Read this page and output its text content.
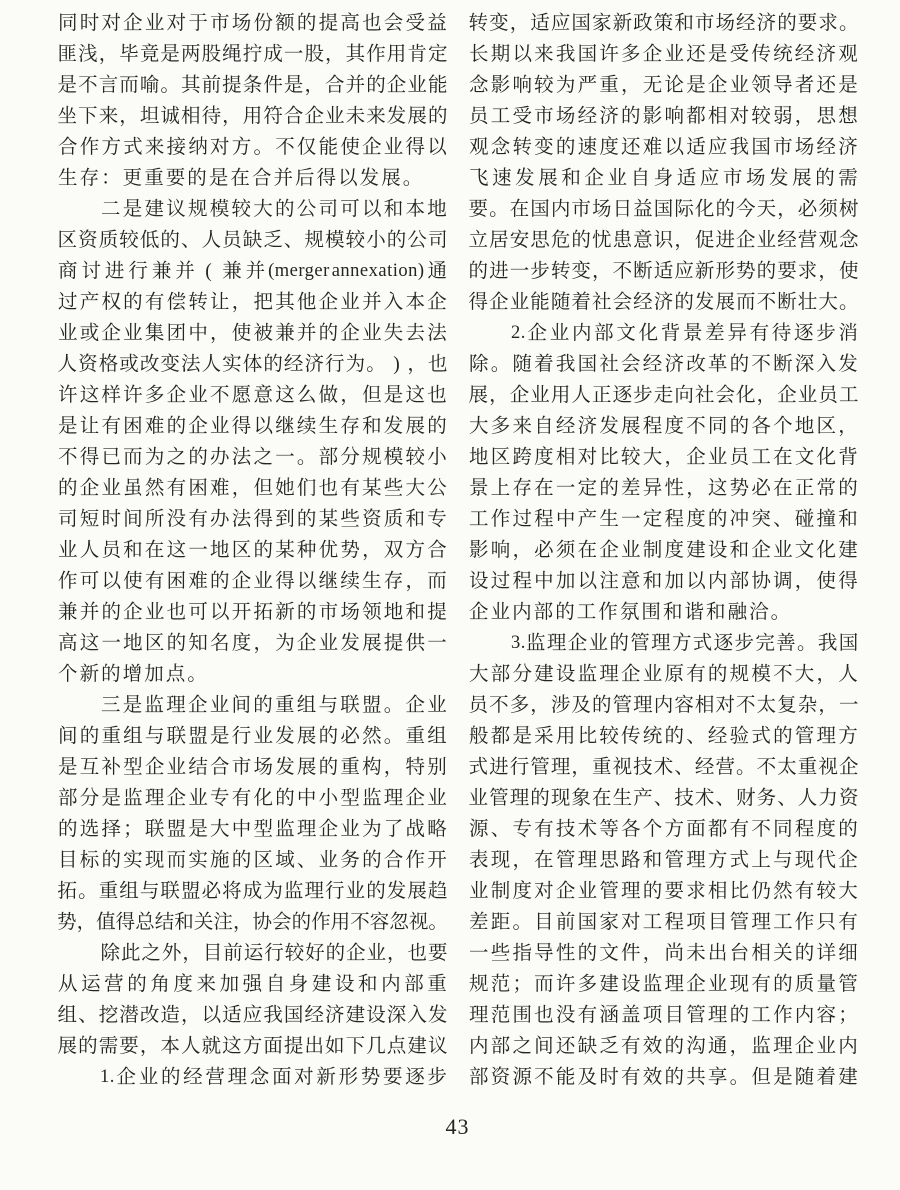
同 时 对 企 业 对 于 市 场 份 额 的 提 高 也 会 受 益
匪 浅 ， 毕 竟 是 两 股 绳 拧 成 一 股 ， 其 作 用 肯 定
是 不 言 而 喻 。 其 前 提 条 件 是 ， 合 并 的 企 业 能
坐 下 来 ， 坦 诚 相 待 ， 用 符 合 企 业 未 来 发 展 的
合 作 方 式 来 接 纳 对 方 。 不 仅 能 使 企 业 得 以
生 存 ： 更 重 要 的 是 在 合 并 后 得 以 发 展 。
二 是 建 议 规 模 较 大 的 公 司 可 以 和 本 地
区 资 质 较 低 的 、 人 员 缺 乏 、 规 模 较 小 的 公 司
商 讨 进 行 兼 并 ( 兼 并 (merger annexation) 通
过 产 权 的 有 偿 转 让 ， 把 其 他 企 业 并 入 本 企
业 或 企 业 集 团 中 ， 使 被 兼 并 的 企 业 失 去 法
人 资 格 或 改 变 法 人 实 体 的 经 济 行 为 。 ) ， 也
许 这 样 许 多 企 业 不 愿 意 这 么 做 ， 但 是 这 也
是 让 有 困 难 的 企 业 得 以 继 续 生 存 和 发 展 的
不 得 已 而 为 之 的 办 法 之 一 。 部 分 规 模 较 小
的 企 业 虽 然 有 困 难 ， 但 她 们 也 有 某 些 大 公
司 短 时 间 所 没 有 办 法 得 到 的 某 些 资 质 和 专
业 人 员 和 在 这 一 地 区 的 某 种 优 势 ， 双 方 合
作 可 以 使 有 困 难 的 企 业 得 以 继 续 生 存 ， 而
兼 并 的 企 业 也 可 以 开 拓 新 的 市 场 领 地 和 提
高 这 一 地 区 的 知 名 度 ， 为 企 业 发 展 提 供 一
个 新 的 增 加 点 。
三 是 监 理 企 业 间 的 重 组 与 联 盟 。 企 业
间 的 重 组 与 联 盟 是 行 业 发 展 的 必 然 。 重 组
是 互 补 型 企 业 结 合 市 场 发 展 的 重 构 ， 特 别
部 分 是 监 理 企 业 专 有 化 的 中 小 型 监 理 企 业
的 选 择 ； 联 盟 是 大 中 型 监 理 企 业 为 了 战 略
目 标 的 实 现 而 实 施 的 区 域 、 业 务 的 合 作 开
拓 。 重 组 与 联 盟 必 将 成 为 监 理 行 业 的 发 展 趋
势 ， 值 得 总 结 和 关 注 ， 协 会 的 作 用 不 容 忽 视 。
除 此 之 外 ， 目 前 运 行 较 好 的 企 业 ， 也 要
从 运 营 的 角 度 来 加 强 自 身 建 设 和 内 部 重
组 、 挖 潜 改 造 ， 以 适 应 我 国 经 济 建 设 深 入 发
展 的 需 要 ， 本 人 就 这 方 面 提 出 如 下 几 点 建 议
1. 企 业 的 经 营 理 念 面 对 新 形 势 要 逐 步
转 变 ， 适 应 国 家 新 政 策 和 市 场 经 济 的 要 求 。
长 期 以 来 我 国 许 多 企 业 还 是 受 传 统 经 济 观
念 影 响 较 为 严 重 ， 无 论 是 企 业 领 导 者 还 是
员 工 受 市 场 经 济 的 影 响 都 相 对 较 弱 ， 思 想
观 念 转 变 的 速 度 还 难 以 适 应 我 国 市 场 经 济
飞 速 发 展 和 企 业 自 身 适 应 市 场 发 展 的 需
要 。 在 国 内 市 场 日 益 国 际 化 的 今 天 ， 必 须 树
立 居 安 思 危 的 忧 患 意 识 ， 促 进 企 业 经 营 观 念
的 进 一 步 转 变 ， 不 断 适 应 新 形 势 的 要 求 ， 使
得 企 业 能 随 着 社 会 经 济 的 发 展 而 不 断 壮 大 。
2. 企 业 内 部 文 化 背 景 差 异 有 待 逐 步 消
除 。 随 着 我 国 社 会 经 济 改 革 的 不 断 深 入 发
展 ， 企 业 用 人 正 逐 步 走 向 社 会 化 ， 企 业 员 工
大 多 来 自 经 济 发 展 程 度 不 同 的 各 个 地 区 ，
地 区 跨 度 相 对 比 较 大 ， 企 业 员 工 在 文 化 背
景 上 存 在 一 定 的 差 异 性 ， 这 势 必 在 正 常 的
工 作 过 程 中 产 生 一 定 程 度 的 冲 突 、 碰 撞 和
影 响 ， 必 须 在 企 业 制 度 建 设 和 企 业 文 化 建
设 过 程 中 加 以 注 意 和 加 以 内 部 协 调 ， 使 得
企 业 内 部 的 工 作 氛 围 和 谐 和 融 洽 。
3. 监 理 企 业 的 管 理 方 式 逐 步 完 善 。 我 国
大 部 分 建 设 监 理 企 业 原 有 的 规 模 不 大 ， 人
员 不 多 ， 涉 及 的 管 理 内 容 相 对 不 太 复 杂 ， 一
般 都 是 采 用 比 较 传 统 的 、 经 验 式 的 管 理 方
式 进 行 管 理 ， 重 视 技 术 、 经 营 。 不 太 重 视 企
业 管 理 的 现 象 在 生 产 、 技 术 、 财 务 、 人 力 资
源 、 专 有 技 术 等 各 个 方 面 都 有 不 同 程 度 的
表 现 ， 在 管 理 思 路 和 管 理 方 式 上 与 现 代 企
业 制 度 对 企 业 管 理 的 要 求 相 比 仍 然 有 较 大
差 距 。 目 前 国 家 对 工 程 项 目 管 理 工 作 只 有
一 些 指 导 性 的 文 件 ， 尚 未 出 台 相 关 的 详 细
规 范 ； 而 许 多 建 设 监 理 企 业 现 有 的 质 量 管
理 范 围 也 没 有 涵 盖 项 目 管 理 的 工 作 内 容 ；
内 部 之 间 还 缺 乏 有 效 的 沟 通 ， 监 理 企 业 内
部 资 源 不 能 及 时 有 效 的 共 享 。 但 是 随 着 建
43
